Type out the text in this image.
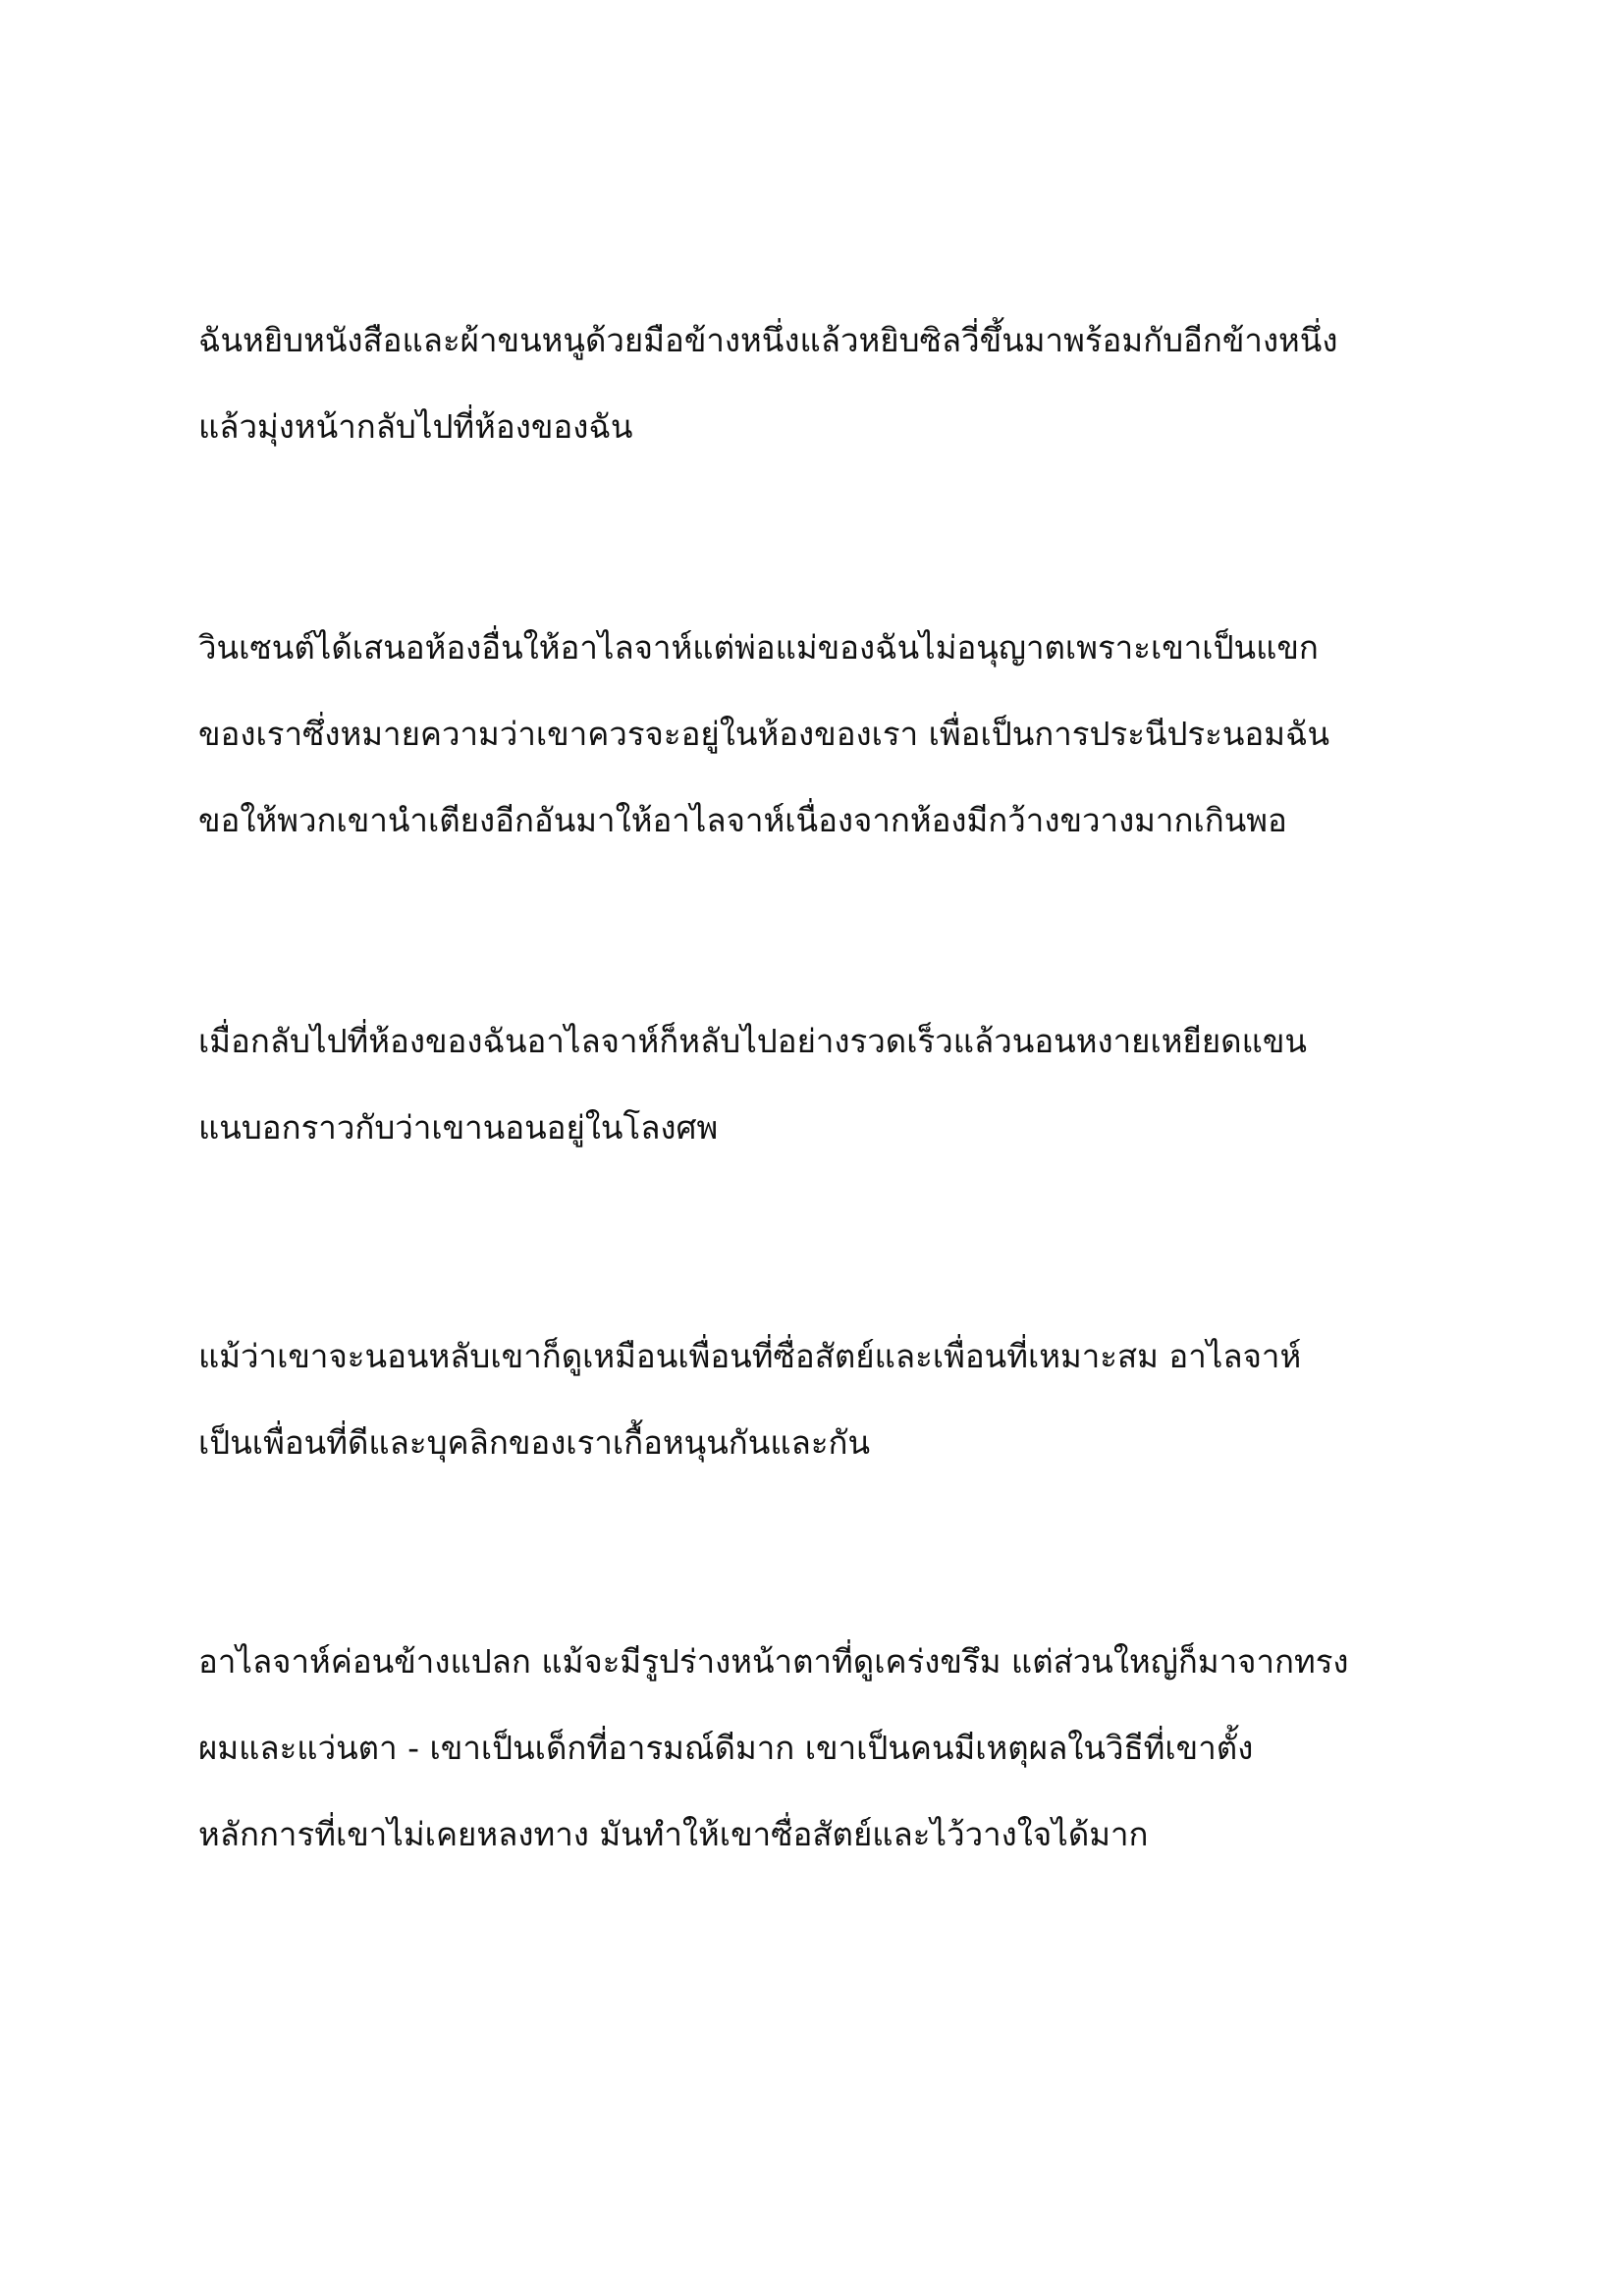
ฉันหยิบหนังสือและผ้าขนหนูด้วยมือข้างหนึ่งแล้วหยิบซิลวี่ขึ้นมาพร้อมกับอีกข้างหนึ่ง
แล้วมุ่งหน้ากลับไปที่ห้องของฉัน

วินเซนต์ได้เสนอห้องอื่นให้อาไลจาห์แต่พ่อแม่ของฉันไม่อนุญาตเพราะเขาเป็นแขก
ของเราซึ่งหมายความว่าเขาควรจะอยู่ในห้องของเรา เพื่อเป็นการประนีประนอมฉัน
ขอให้พวกเขานำเตียงอีกอันมาให้อาไลจาห์เนื่องจากห้องมีกว้างขวางมากเกินพอ

เมื่อกลับไปที่ห้องของฉันอาไลจาห์ก็หลับไปอย่างรวดเร็วแล้วนอนหงายเหยียดแขน
แนบอกราวกับว่าเขานอนอยู่ในโลงศพ

แม้ว่าเขาจะนอนหลับเขาก็ดูเหมือนเพื่อนที่ซื่อสัตย์และเพื่อนที่เหมาะสม อาไลจาห์
เป็นเพื่อนที่ดีและบุคลิกของเราเกื้อหนุนกันและกัน

อาไลจาห์ค่อนข้างแปลก แม้จะมีรูปร่างหน้าตาที่ดูเคร่งขรึม แต่ส่วนใหญ่ก็มาจากทรง
ผมและแว่นตา - เขาเป็นเด็กที่อารมณ์ดีมาก เขาเป็นคนมีเหตุผลในวิธีที่เขาตั้ง
หลักการที่เขาไม่เคยหลงทาง มันทำให้เขาซื่อสัตย์และไว้วางใจได้มาก
